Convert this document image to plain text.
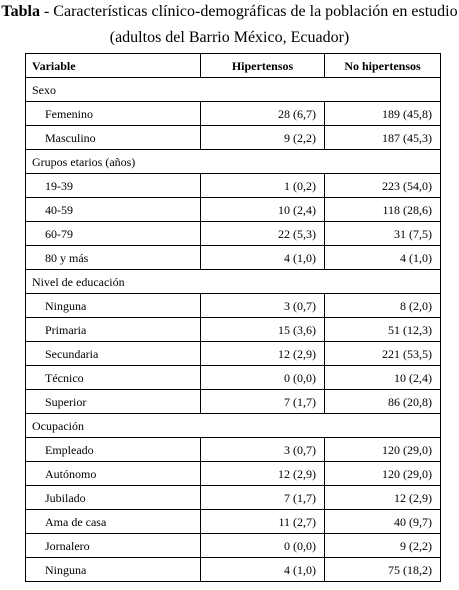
Tabla - Características clínico-demográficas de la población en estudio
(adultos del Barrio México, Ecuador)
Variable	Hipertensos	No hipertensos
Sexo		
Femenino	28 (6,7)	189 (45,8)
Masculino	9 (2,2)	187 (45,3)
Grupos etarios (años)		
19-39	1 (0,2)	223 (54,0)
40-59	10 (2,4)	118 (28,6)
60-79	22 (5,3)	31 (7,5)
80 y más	4 (1,0)	4 (1,0)
Nivel de educación		
Ninguna	3 (0,7)	8 (2,0)
Primaria	15 (3,6)	51 (12,3)
Secundaria	12 (2,9)	221 (53,5)
Técnico	0 (0,0)	10 (2,4)
Superior	7 (1,7)	86 (20,8)
Ocupación		
Empleado	3 (0,7)	120 (29,0)
Autónomo	12 (2,9)	120 (29,0)
Jubilado	7 (1,7)	12 (2,9)
Ama de casa	11 (2,7)	40 (9,7)
Jornalero	0 (0,0)	9 (2,2)
Ninguna	4 (1,0)	75 (18,2)
